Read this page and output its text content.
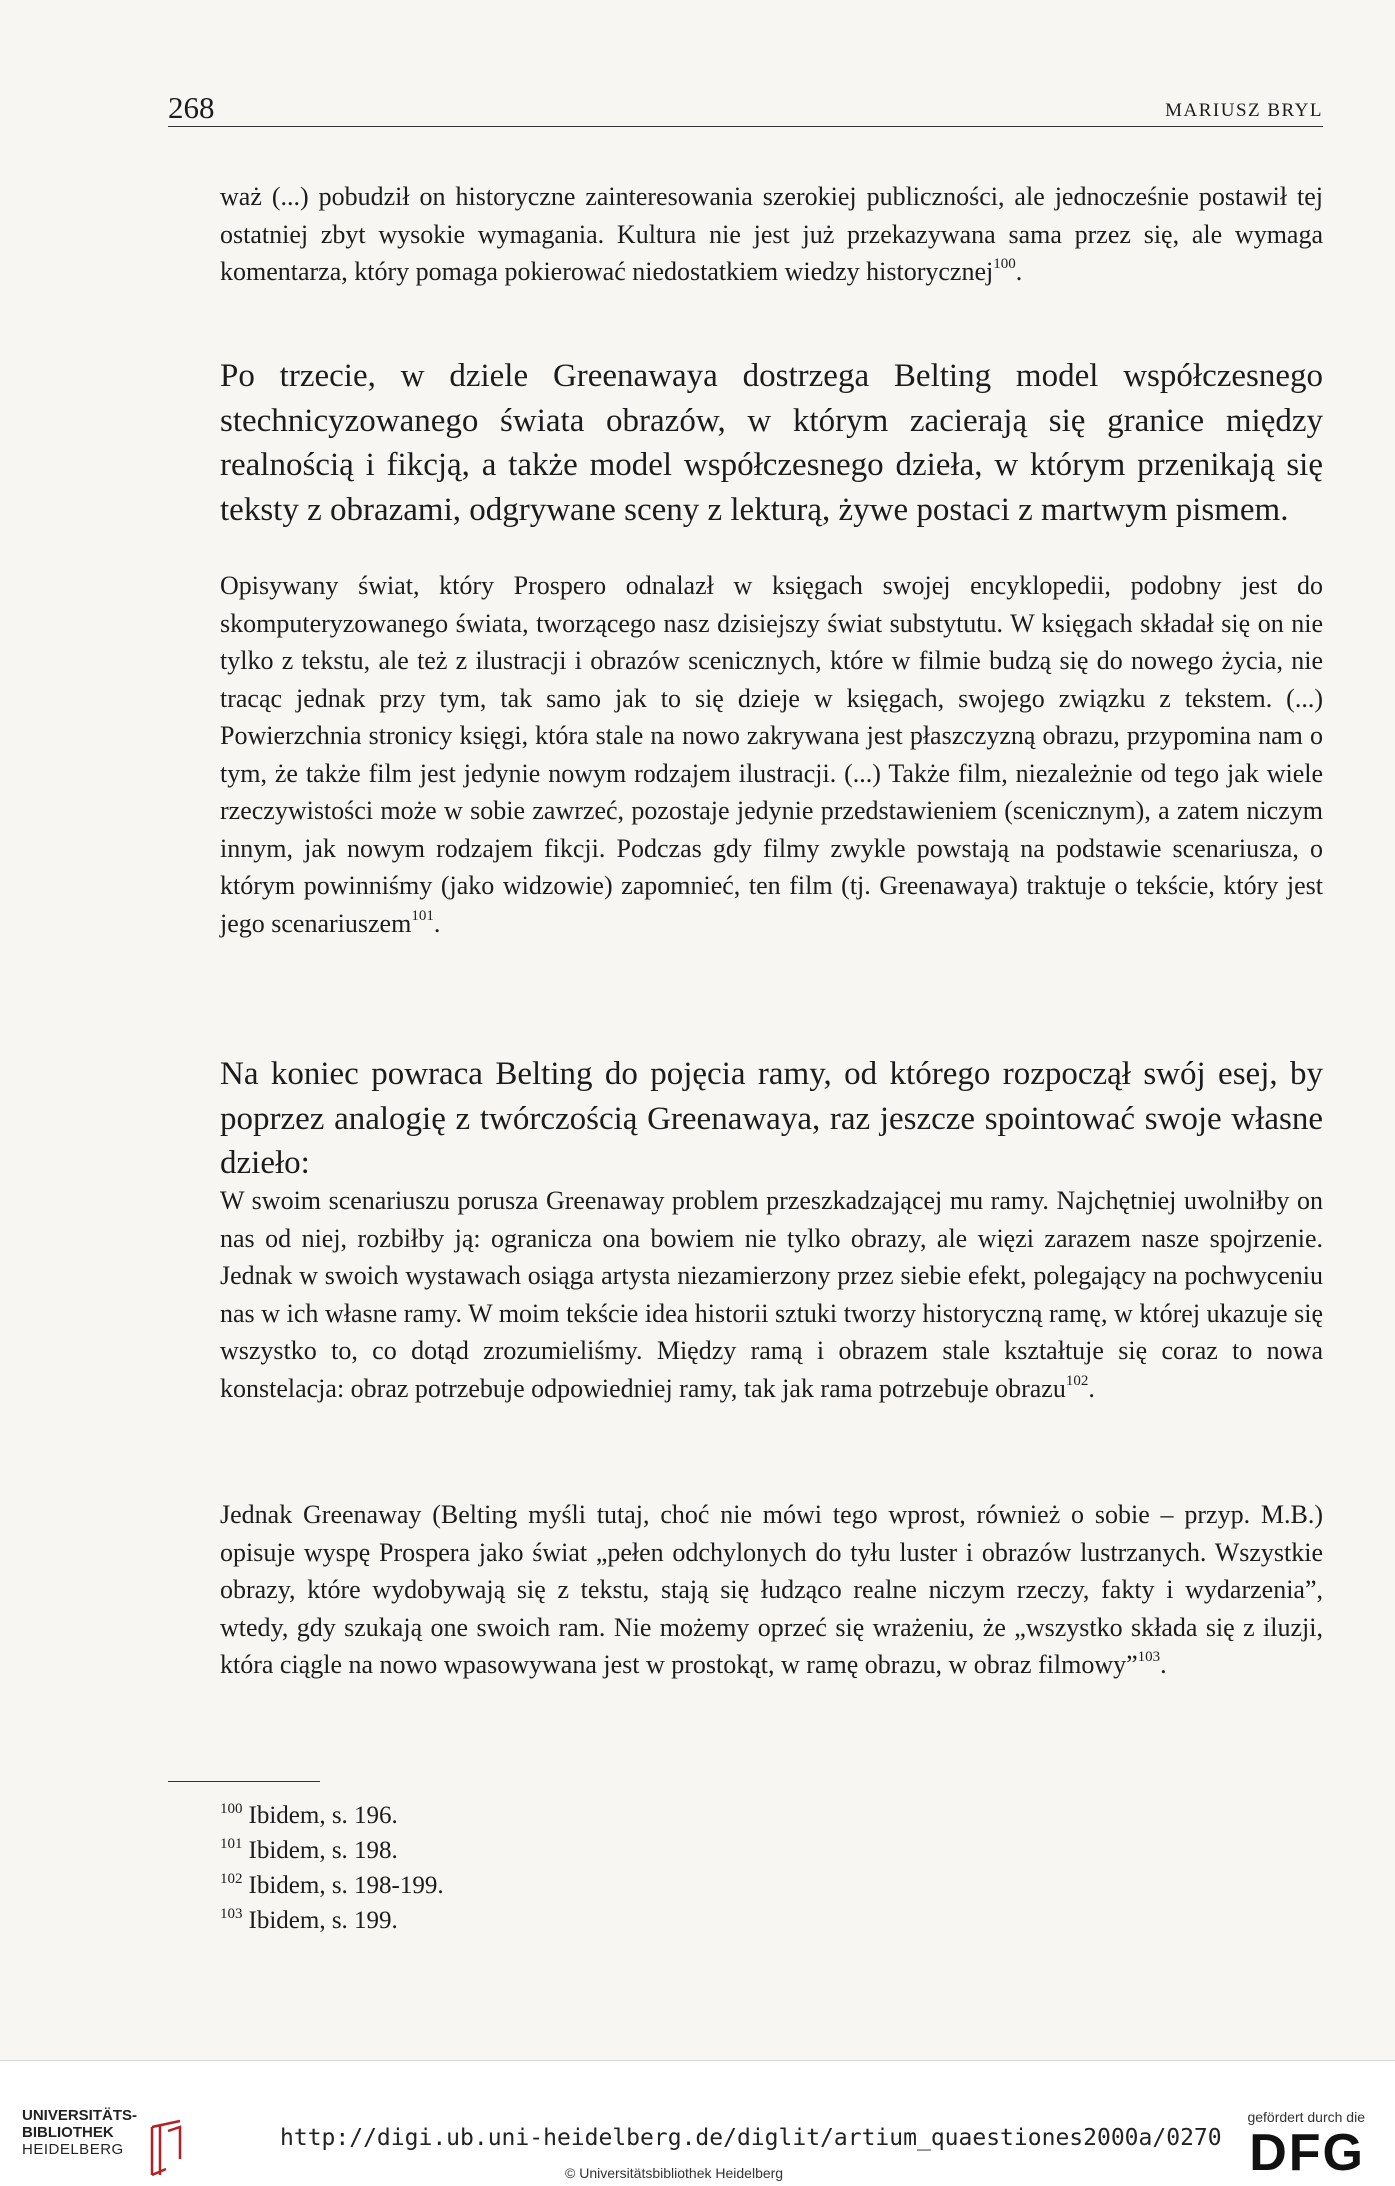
268	MARIUSZ BRYL

waż (...) pobudził on historyczne zainteresowania szerokiej publiczności, ale jednocześnie postawił tej ostatniej zbyt wysokie wymagania. Kultura nie jest już przekazywana sama przez się, ale wymaga komentarza, który pomaga pokierować niedostatkiem wiedzy historycznej$^{100}$.

Po trzecie, w dziele Greenawaya dostrzega Belting model współczesnego stechnicyzowanego świata obrazów, w którym zacierają się granice między realnością i fikcją, a także model współczesnego dzieła, w którym przenikają się teksty z obrazami, odgrywane sceny z lekturą, żywe postaci z martwym pismem.

Opisywany świat, który Prospero odnalazł w księgach swojej encyklopedii, podobny jest do skomputeryzowanego świata, tworzącego nasz dzisiejszy świat substytutu. W księgach składał się on nie tylko z tekstu, ale też z ilustracji i obrazów scenicznych, które w filmie budzą się do nowego życia, nie tracąc jednak przy tym, tak samo jak to się dzieje w księgach, swojego związku z tekstem. (...) Powierzchnia stronicy księgi, która stale na nowo zakrywana jest płaszczyzną obrazu, przypomina nam o tym, że także film jest jedynie nowym rodzajem ilustracji. (...) Także film, niezależnie od tego jak wiele rzeczywistości może w sobie zawrzeć, pozostaje jedynie przedstawieniem (scenicznym), a zatem niczym innym, jak nowym rodzajem fikcji. Podczas gdy filmy zwykle powstają na podstawie scenariusza, o którym powinniśmy (jako widzowie) zapomnieć, ten film (tj. Greenawaya) traktuje o tekście, który jest jego scenariuszem$^{101}$.

Na koniec powraca Belting do pojęcia ramy, od którego rozpoczął swój esej, by poprzez analogię z twórczością Greenawaya, raz jeszcze spointować swoje własne dzieło:

W swoim scenariuszu porusza Greenaway problem przeszkadzającej mu ramy. Najchętniej uwolniłby on nas od niej, rozbiłby ją: ogranicza ona bowiem nie tylko obrazy, ale więzi zarazem nasze spojrzenie. Jednak w swoich wystawach osiąga artysta niezamierzony przez siebie efekt, polegający na pochwyceniu nas w ich własne ramy. W moim tekście idea historii sztuki tworzy historyczną ramę, w której ukazuje się wszystko to, co dotąd zrozumieliśmy. Między ramą i obrazem stale kształtuje się coraz to nowa konstelacja: obraz potrzebuje odpowiedniej ramy, tak jak rama potrzebuje obrazu$^{102}$.

Jednak Greenaway (Belting myśli tutaj, choć nie mówi tego wprost, również o sobie – przyp. M.B.) opisuje wyspę Prospera jako świat „pełen odchylonych do tyłu luster i obrazów lustrzanych. Wszystkie obrazy, które wydobywają się z tekstu, stają się łudząco realne niczym rzeczy, fakty i wydarzenia”, wtedy, gdy szukają one swoich ram. Nie możemy oprzeć się wrażeniu, że „wszystko składa się z iluzji, która ciągle na nowo wpasowywana jest w prostokąt, w ramę obrazu, w obraz filmowy”$^{103}$.

$^{100}$ Ibidem, s. 196.
$^{101}$ Ibidem, s. 198.
$^{102}$ Ibidem, s. 198-199.
$^{103}$ Ibidem, s. 199.
UNIVERSITÄTS-
BIBLIOTHEK
HEIDELBERG	http://digi.ub.uni-heidelberg.de/diglit/artium_quaestiones2000a/0270
© Universitätsbibliothek Heidelberg
gefördert durch die
DFG
